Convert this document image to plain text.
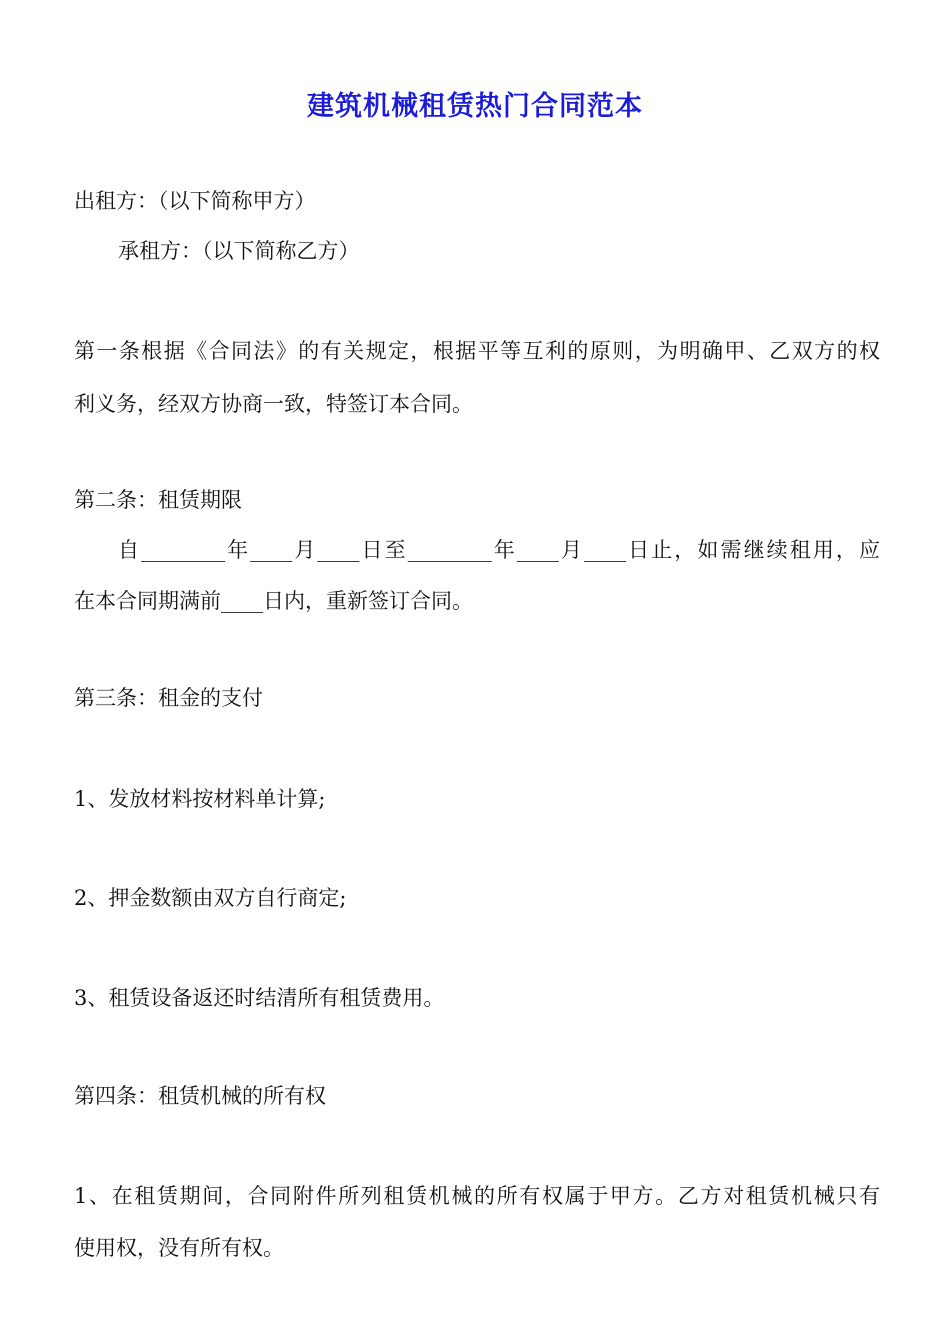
建筑机械租赁热门合同范本
出租方：（以下简称甲方）
承租方：（以下简称乙方）
第一条根据《合同法》的有关规定，根据平等互利的原则，为明确甲、乙双方的权
利义务，经双方协商一致，特签订本合同。
第二条：租赁期限
自________年____月____日至________年____月____日止，如需继续租用，应
在本合同期满前____日内，重新签订合同。
第三条：租金的支付
1、发放材料按材料单计算;
2、押金数额由双方自行商定;
3、租赁设备返还时结清所有租赁费用。
第四条：租赁机械的所有权
1、在租赁期间，合同附件所列租赁机械的所有权属于甲方。乙方对租赁机械只有
使用权，没有所有权。
